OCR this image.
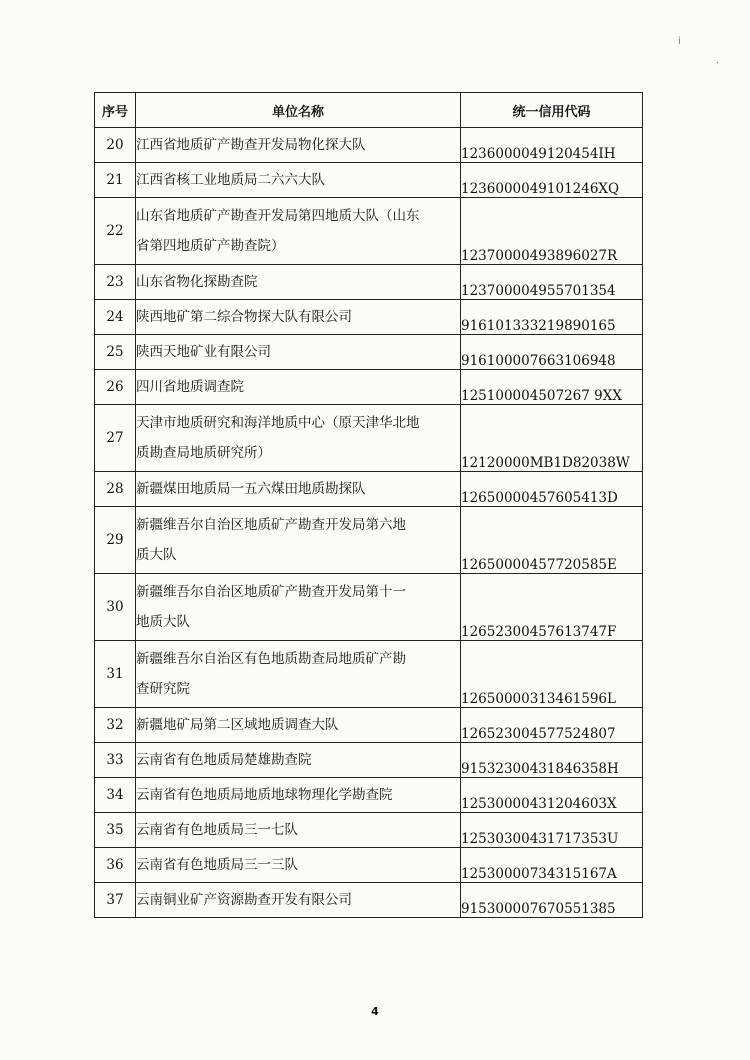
ⅰ
·
序号	单位名称	统一信用代码
20	江西省地质矿产勘查开发局物化探大队	1236000049120454IH
21	江西省核工业地质局二六六大队	1236000049101246XQ
22	山东省地质矿产勘查开发局第四地质大队（山东
省第四地质矿产勘查院）	12370000493896027R
23	山东省物化探勘查院	123700004955701354
24	陕西地矿第二综合物探大队有限公司	916101333219890165
25	陕西天地矿业有限公司	916100007663106948
26	四川省地质调查院	125100004507267 9XX
27	天津市地质研究和海洋地质中心（原天津华北地
质勘查局地质研究所）	12120000MB1D82038W
28	新疆煤田地质局一五六煤田地质勘探队	12650000457605413D
29	新疆维吾尔自治区地质矿产勘查开发局第六地
质大队	12650000457720585E
30	新疆维吾尔自治区地质矿产勘查开发局第十一
地质大队	12652300457613747F
31	新疆维吾尔自治区有色地质勘查局地质矿产勘
查研究院	12650000313461596L
32	新疆地矿局第二区域地质调查大队	126523004577524807
33	云南省有色地质局楚雄勘查院	91532300431846358H
34	云南省有色地质局地质地球物理化学勘查院	12530000431204603X
35	云南省有色地质局三一七队	12530300431717353U
36	云南省有色地质局三一三队	12530000734315167A
37	云南铜业矿产资源勘查开发有限公司	915300007670551385
4
